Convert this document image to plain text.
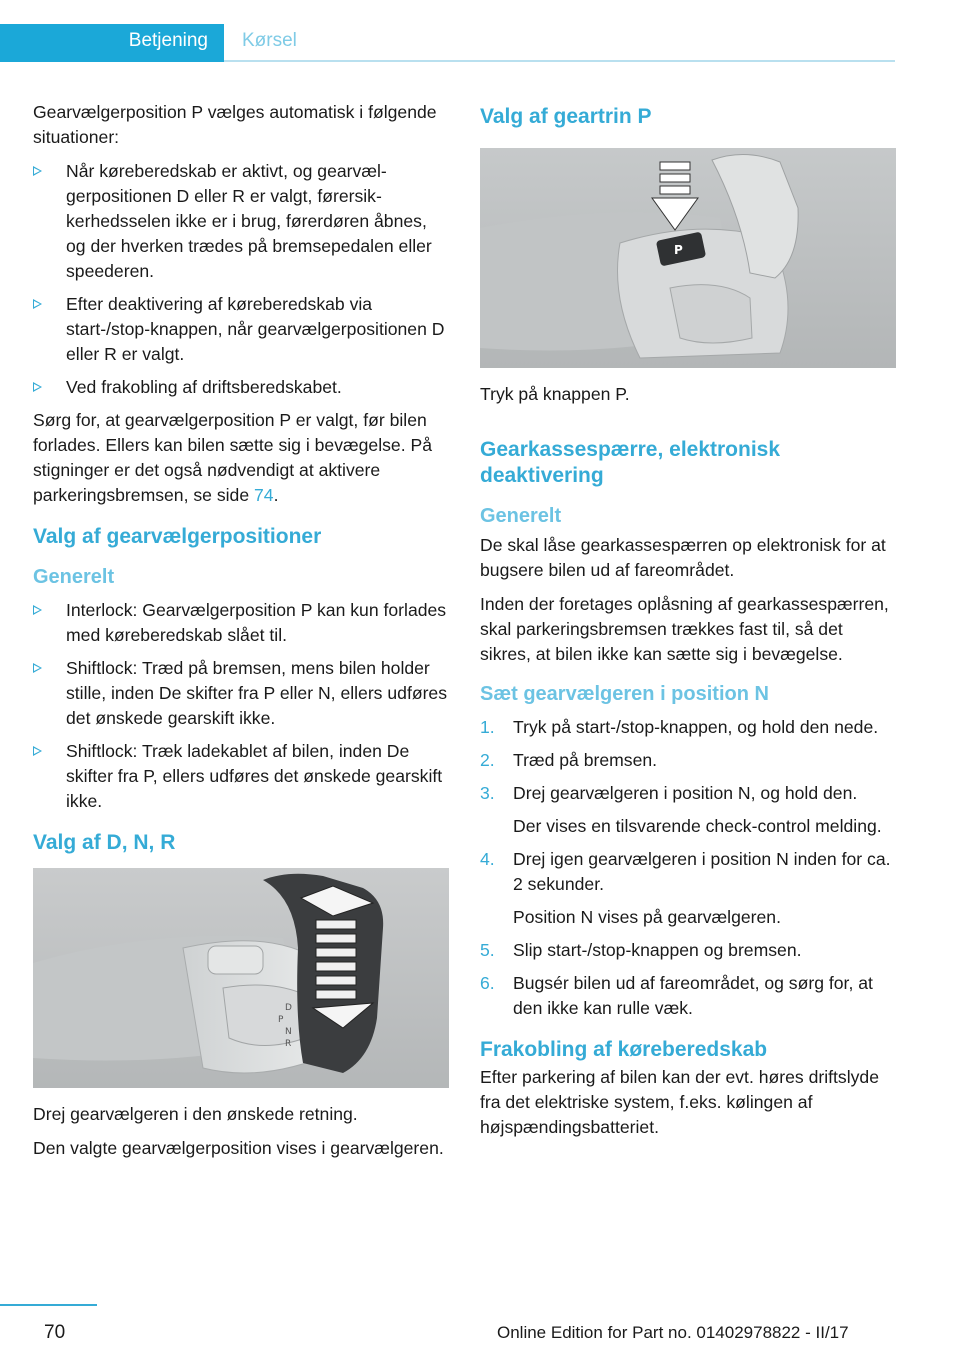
Betjening Kørsel

Gearvælgerposition P vælges automatisk i følgende situationer:

Når køreberedskab er aktivt, og gearvælgerpositionen D eller R er valgt, førersikkerhedsselen ikke er i brug, førerdøren åbnes, og der hverken trædes på bremsepedalen eller speederen.
Efter deaktivering af køreberedskab via start-/stop-knappen, når gearvælgerpositionen D eller R er valgt.
Ved frakobling af driftsberedskabet.

Sørg for, at gearvælgerposition P er valgt, før bilen forlades. Ellers kan bilen sætte sig i bevægelse. På stigninger er det også nødvendigt at aktivere parkeringsbremsen, se side 74.

Valg af gearvælgerpositioner
Generelt
Interlock: Gearvælgerposition P kan kun forlades med køreberedskab slået til.
Shiftlock: Træd på bremsen, mens bilen holder stille, inden De skifter fra P eller N, ellers udføres det ønskede gearskift ikke.
Shiftlock: Træk ladekablet af bilen, inden De skifter fra P, ellers udføres det ønskede gearskift ikke.
Valg af D, N, R
D
P
N
R

Drej gearvælgeren i den ønskede retning.

Den valgte gearvælgerposition vises i gearvælgeren.

Valg af geartrin P
P

Tryk på knappen P.

Gearkassespærre, elektronisk deaktivering
Generelt

De skal låse gearkassespærren op elektronisk for at bugsere bilen ud af fareområdet.

Inden der foretages oplåsning af gearkassespærren, skal parkeringsbremsen trækkes fast til, så det sikres, at bilen ikke kan sætte sig i bevægelse.

Sæt gearvælgeren i position N
1. Tryk på start-/stop-knappen, og hold den nede.
2. Træd på bremsen.
3. Drej gearvælgeren i position N, og hold den.
Der vises en tilsvarende check-control melding.
4. Drej igen gearvælgeren i position N inden for ca. 2 sekunder.
Position N vises på gearvælgeren.
5. Slip start-/stop-knappen og bremsen.
6. Bugsér bilen ud af fareområdet, og sørg for, at den ikke kan rulle væk.
Frakobling af køreberedskab

Efter parkering af bilen kan der evt. høres driftslyde fra det elektriske system, f.eks. kølingen af højspændingsbatteriet.

70	Online Edition for Part no. 01402978822 - II/17
